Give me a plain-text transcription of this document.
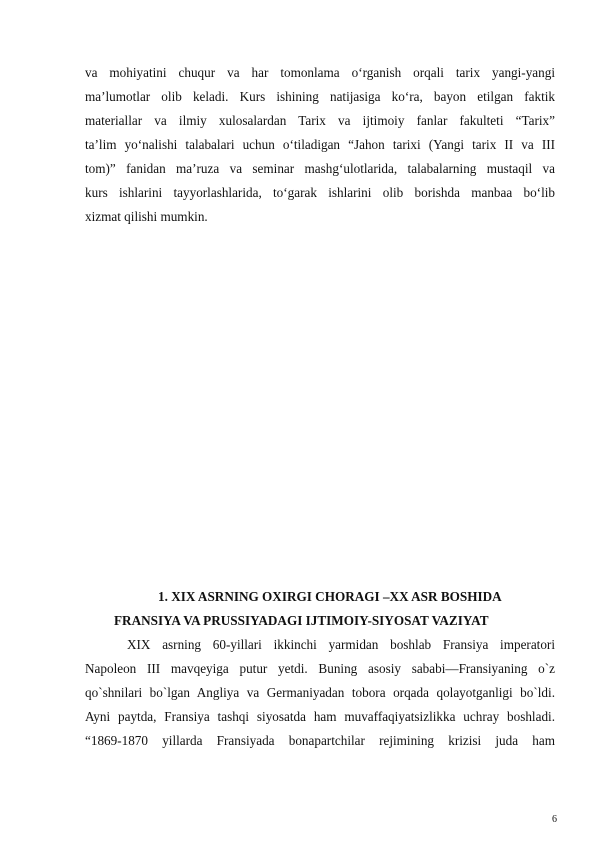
va mohiyatini chuqur va har tomonlama o‘rganish orqali tarix yangi-yangi
ma’lumotlar olib keladi. Kurs ishining natijasiga ko‘ra, bayon etilgan faktik
materiallar va ilmiy xulosalardan Tarix va ijtimoiy fanlar fakulteti “Tarix”
ta’lim yo‘nalishi talabalari uchun o‘tiladigan “Jahon tarixi (Yangi tarix II va III
tom)” fanidan ma’ruza va seminar mashg‘ulotlarida, talabalarning mustaqil va
kurs ishlarini tayyorlashlarida, to‘garak ishlarini olib borishda manbaa bo‘lib
xizmat qilishi mumkin.
1. XIX ASRNING OXIRGI CHORAGI –XX ASR BOSHIDA
FRANSIYA VA PRUSSIYADAGI IJTIMOIY-SIYOSAT VAZIYAT
XIX asrning 60-yillari ikkinchi yarmidan boshlab Fransiya imperatori
Napoleon III mavqeyiga putur yetdi. Buning asosiy sababi—Fransiyaning o`z
qo`shnilari bo`lgan Angliya va Germaniyadan tobora orqada qolayotganligi bo`ldi.
Ayni paytda, Fransiya tashqi siyosatda ham muvaffaqiyatsizlikka uchray boshladi.
“1869-1870 yillarda Fransiyada bonapartchilar rejimining krizisi juda ham
6
